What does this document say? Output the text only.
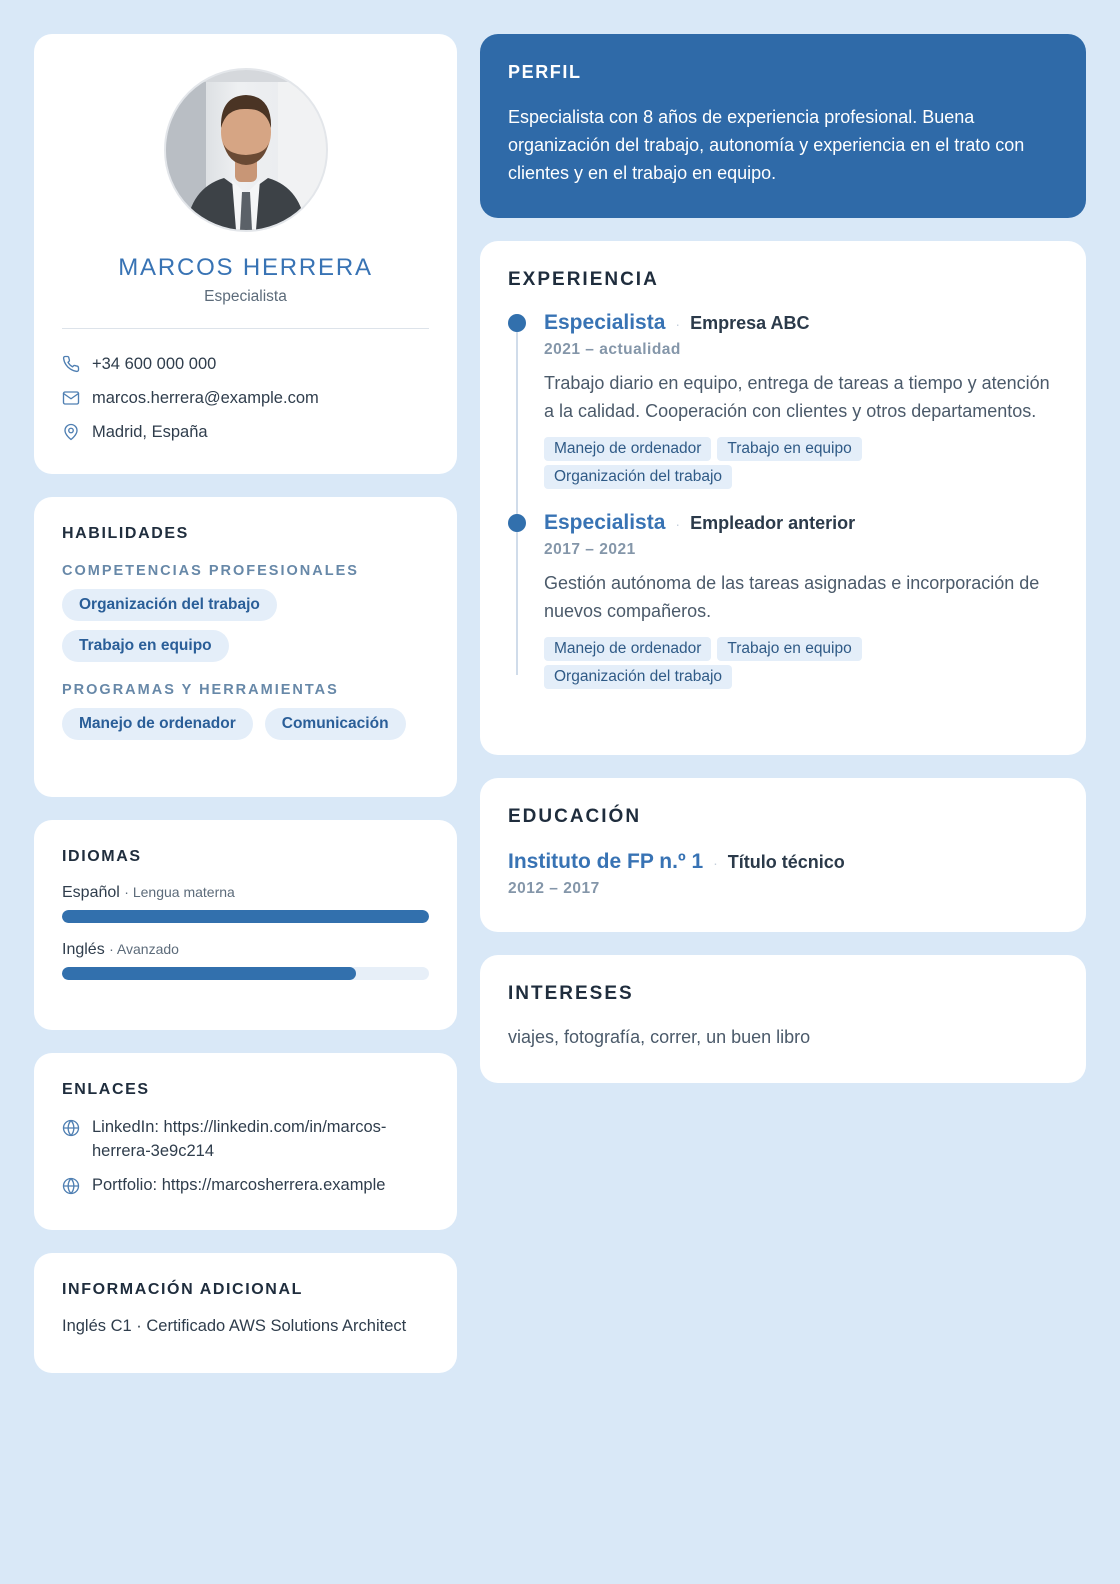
MARCOS HERRERA
Especialista
+34 600 000 000
marcos.herrera@example.com
Madrid, España
HABILIDADES
COMPETENCIAS PROFESIONALES
Organización del trabajo
Trabajo en equipo
PROGRAMAS Y HERRAMIENTAS
Manejo de ordenador	Comunicación
IDIOMAS
Español · Lengua materna
Inglés · Avanzado
ENLACES
LinkedIn: https://linkedin.com/in/marcos-herrera-3e9c214
Portfolio: https://marcosherrera.example
INFORMACIÓN ADICIONAL
Inglés C1 · Certificado AWS Solutions Architect
PERFIL
Especialista con 8 años de experiencia profesional. Buena organización del trabajo, autonomía y experiencia en el trato con clientes y en el trabajo en equipo.
EXPERIENCIA
Especialista · Empresa ABC
2021 – actualidad
Trabajo diario en equipo, entrega de tareas a tiempo y atención a la calidad. Cooperación con clientes y otros departamentos.
Manejo de ordenador	Trabajo en equipo
Organización del trabajo
Especialista · Empleador anterior
2017 – 2021
Gestión autónoma de las tareas asignadas e incorporación de nuevos compañeros.
Manejo de ordenador	Trabajo en equipo
Organización del trabajo
EDUCACIÓN
Instituto de FP n.º 1 · Título técnico
2012 – 2017
INTERESES
viajes, fotografía, correr, un buen libro
